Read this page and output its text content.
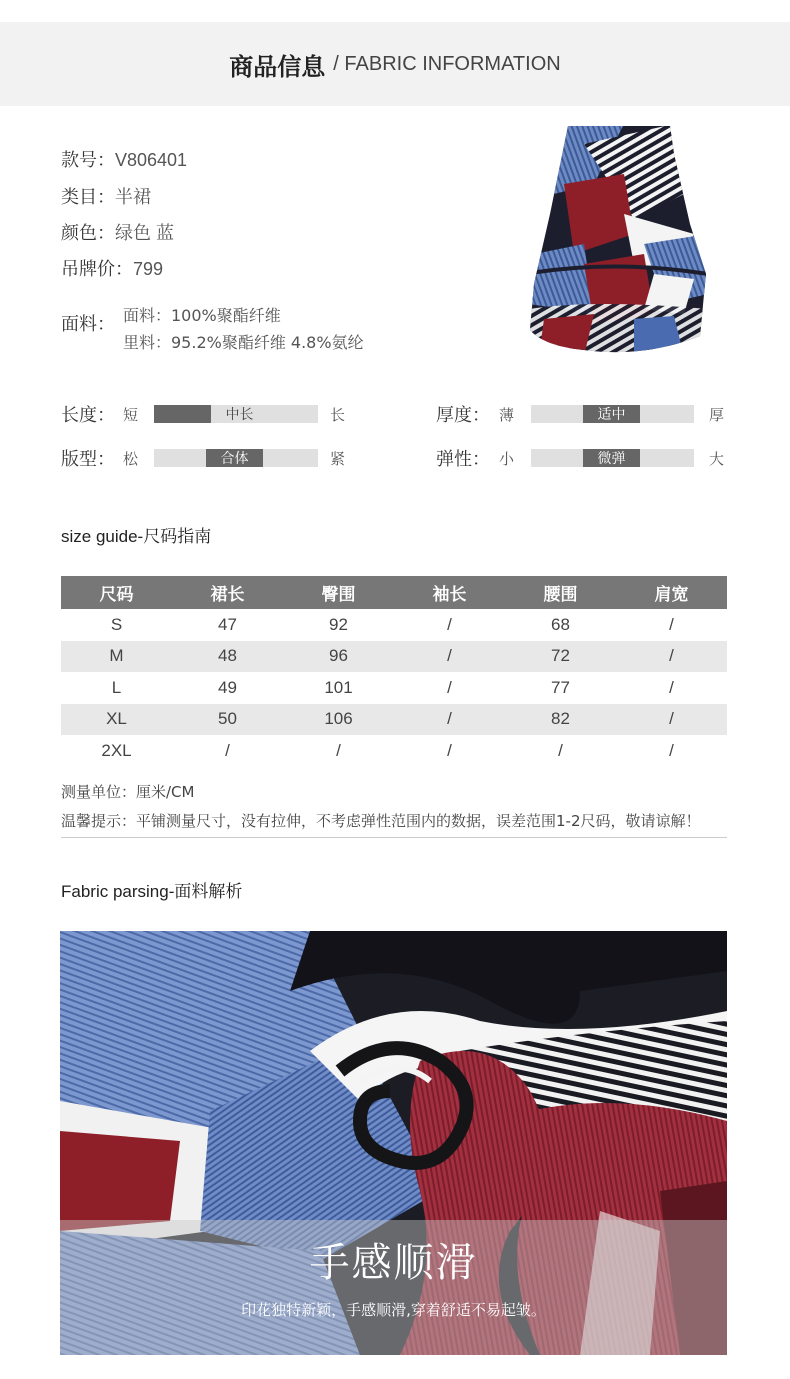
商品信息 / FABRIC INFORMATION
款号：V806401
类目：半裙
颜色：绿色 蓝
吊牌价：799
面料： 面料：100%聚酯纤维
里料：95.2%聚酯纤维 4.8%氨纶
长度： 短	中长	长	厚度： 薄	适中	厚
版型： 松	合体	紧	弹性： 小	微弹	大
size guide-尺码指南
尺码	裙长	臀围	袖长	腰围	肩宽
S	47	92	/	68	/
M	48	96	/	72	/
L	49	101	/	77	/
XL	50	106	/	82	/
2XL	/	/	/	/	/
测量单位：厘米/CM
温馨提示：平铺测量尺寸，没有拉伸，不考虑弹性范围内的数据，误差范围1-2尺码，敬请谅解！
Fabric parsing-面料解析
手感顺滑
印花独特新颖，手感顺滑,穿着舒适不易起皱。
